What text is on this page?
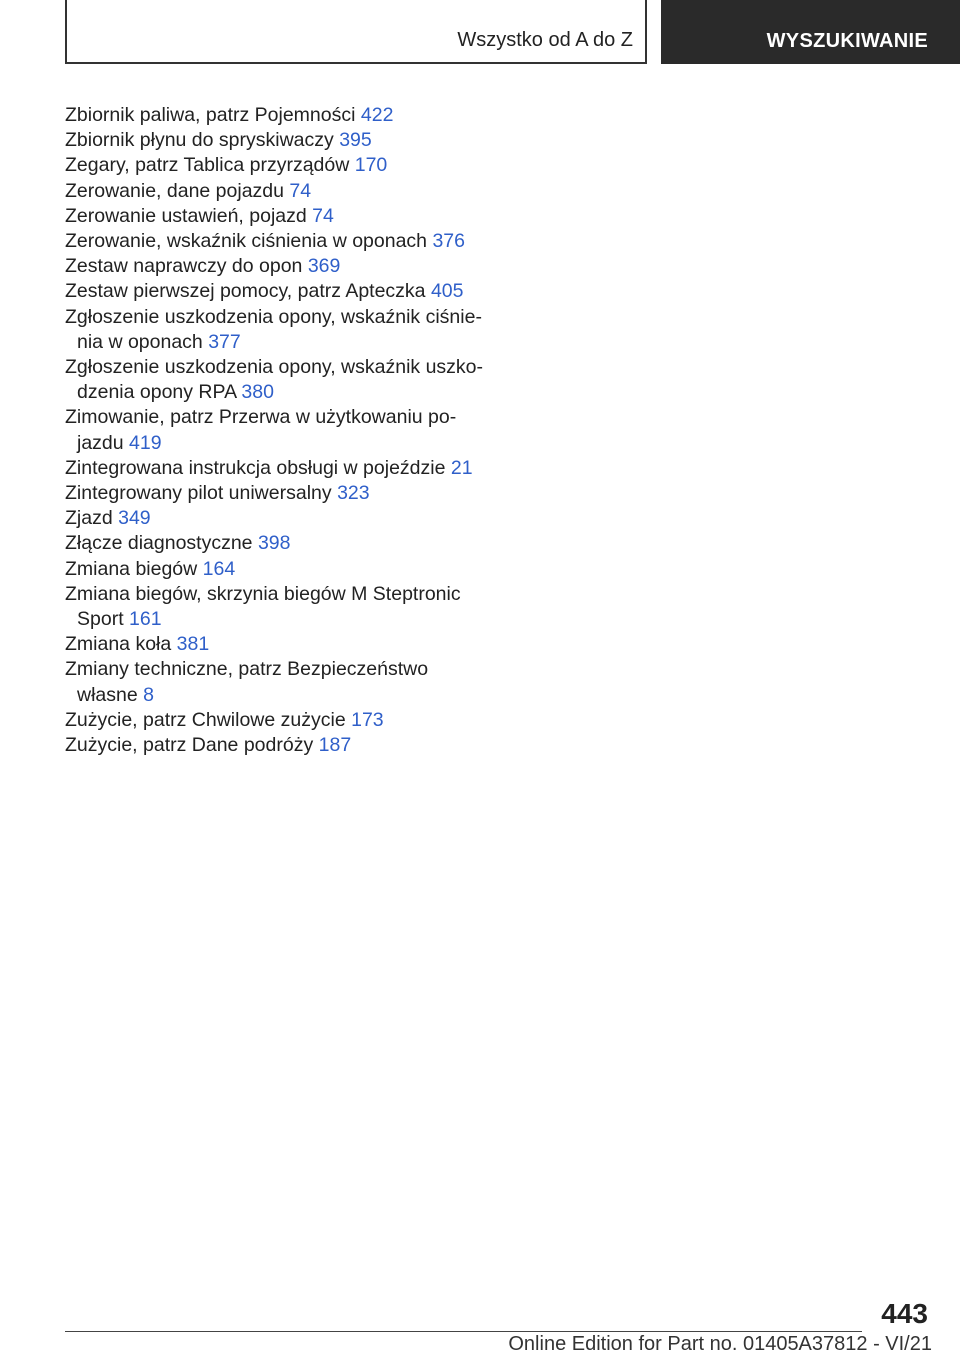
Wszystko od A do Z	WYSZUKIWANIE
Zbiornik paliwa, patrz Pojemności 422
Zbiornik płynu do spryskiwaczy 395
Zegary, patrz Tablica przyrządów 170
Zerowanie, dane pojazdu 74
Zerowanie ustawień, pojazd 74
Zerowanie, wskaźnik ciśnienia w oponach 376
Zestaw naprawczy do opon 369
Zestaw pierwszej pomocy, patrz Apteczka 405
Zgłoszenie uszkodzenia opony, wskaźnik ciśnienia w oponach 377
Zgłoszenie uszkodzenia opony, wskaźnik uszkodzenia opony RPA 380
Zimowanie, patrz Przerwa w użytkowaniu pojazdu 419
Zintegrowana instrukcja obsługi w pojeździe 21
Zintegrowany pilot uniwersalny 323
Zjazd 349
Złącze diagnostyczne 398
Zmiana biegów 164
Zmiana biegów, skrzynia biegów M Steptronic Sport 161
Zmiana koła 381
Zmiany techniczne, patrz Bezpieczeństwo własne 8
Zużycie, patrz Chwilowe zużycie 173
Zużycie, patrz Dane podróży 187
443
Online Edition for Part no. 01405A37812 - VI/21
